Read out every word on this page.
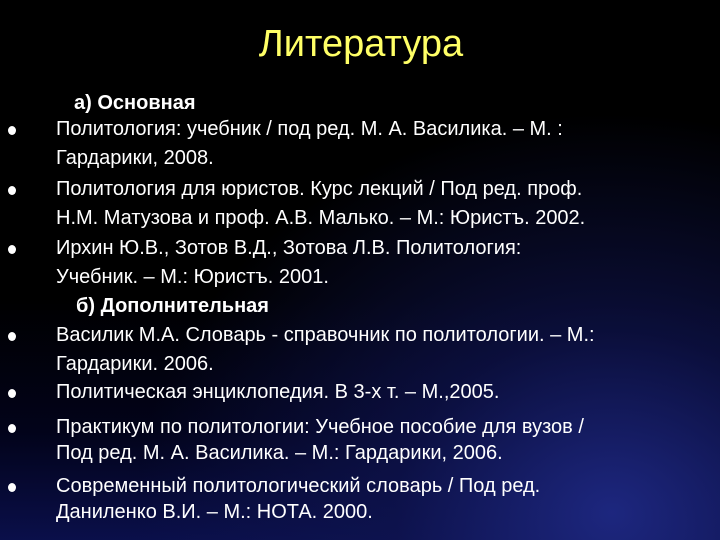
Литература
а) Основная
Политология: учебник / под ред. М. А. Василика. – М. :
Гардарики, 2008.
Политология для юристов. Курс лекций / Под ред. проф.
Н.М. Матузова и проф. А.В. Малько. – М.: Юристъ. 2002.
Ирхин Ю.В., Зотов В.Д., Зотова Л.В. Политология:
Учебник. – М.: Юристъ. 2001.
б) Дополнительная
Василик М.А. Словарь - справочник по политологии. – М.:
Гардарики. 2006.
Политическая энциклопедия. В 3-х т. – М.,2005.
Практикум по политологии: Учебное пособие для вузов /
Под ред. М. А. Василика. – М.: Гардарики, 2006.
Современный политологический словарь / Под ред.
Даниленко В.И. – М.: НОТА. 2000.
